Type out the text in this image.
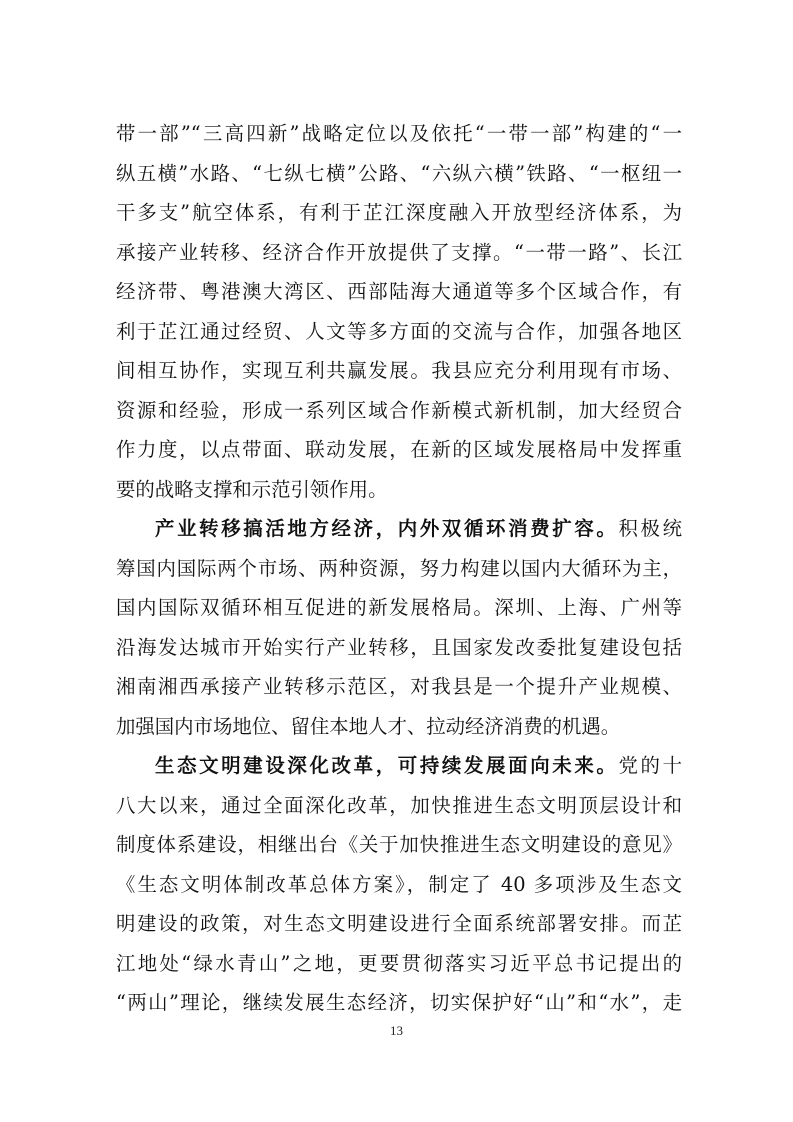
带一部”“三高四新”战略定位以及依托“一带一部”构建的“一
纵五横”水路、“七纵七横”公路、“六纵六横”铁路、“一枢纽一
干多支”航空体系，有利于芷江深度融入开放型经济体系，为
承接产业转移、经济合作开放提供了支撑。“一带一路”、长江
经济带、粤港澳大湾区、西部陆海大通道等多个区域合作，有
利于芷江通过经贸、人文等多方面的交流与合作，加强各地区
间相互协作，实现互利共赢发展。我县应充分利用现有市场、
资源和经验，形成一系列区域合作新模式新机制，加大经贸合
作力度，以点带面、联动发展，在新的区域发展格局中发挥重
要的战略支撑和示范引领作用。
产业转移搞活地方经济，内外双循环消费扩容。积极统
筹国内国际两个市场、两种资源，努力构建以国内大循环为主，
国内国际双循环相互促进的新发展格局。深圳、上海、广州等
沿海发达城市开始实行产业转移，且国家发改委批复建设包括
湘南湘西承接产业转移示范区，对我县是一个提升产业规模、
加强国内市场地位、留住本地人才、拉动经济消费的机遇。
生态文明建设深化改革，可持续发展面向未来。党的十
八大以来，通过全面深化改革，加快推进生态文明顶层设计和
制度体系建设，相继出台《关于加快推进生态文明建设的意见》
《生态文明体制改革总体方案》，制定了 40 多项涉及生态文
明建设的政策，对生态文明建设进行全面系统部署安排。而芷
江地处“绿水青山”之地，更要贯彻落实习近平总书记提出的
“两山”理论，继续发展生态经济，切实保护好“山”和“水”，走
13
